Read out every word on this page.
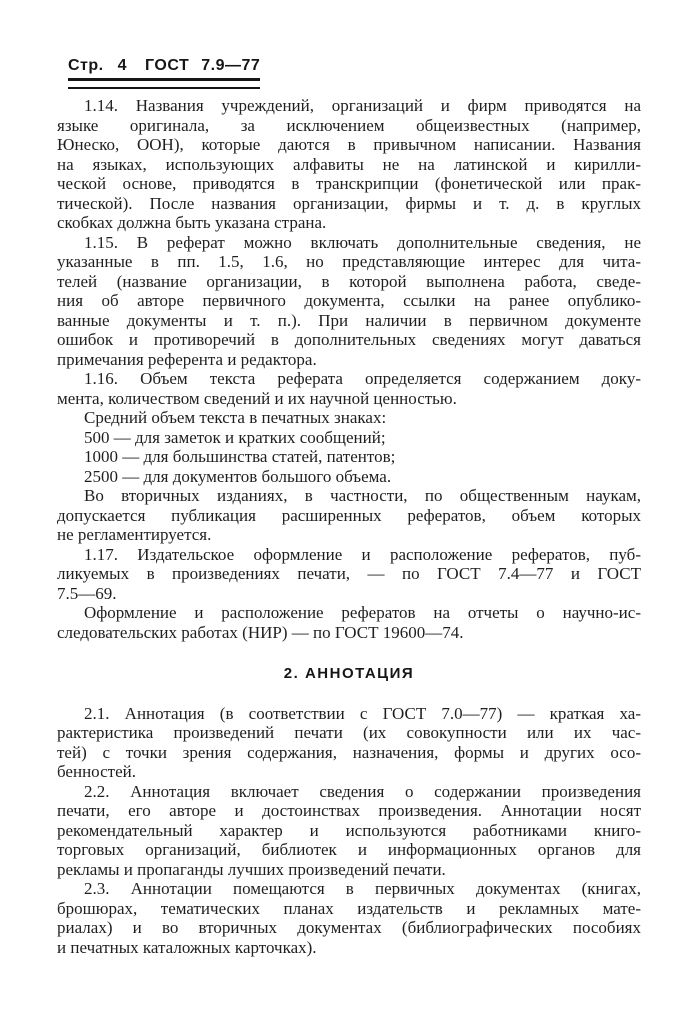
Стр. 4 ГОСТ 7.9—77
1.14. Названия учреждений, организаций и фирм приводятся на
языке оригинала, за исключением общеизвестных (например,
Юнеско, ООН), которые даются в привычном написании. Названия
на языках, использующих алфавиты не на латинской и кирилли-
ческой основе, приводятся в транскрипции (фонетической или прак-
тической). После названия организации, фирмы и т. д. в круглых
скобках должна быть указана страна.
1.15. В реферат можно включать дополнительные сведения, не
указанные в пп. 1.5, 1.6, но представляющие интерес для чита-
телей (название организации, в которой выполнена работа, сведе-
ния об авторе первичного документа, ссылки на ранее опублико-
ванные документы и т. п.). При наличии в первичном документе
ошибок и противоречий в дополнительных сведениях могут даваться
примечания референта и редактора.
1.16. Объем текста реферата определяется содержанием доку-
мента, количеством сведений и их научной ценностью.
Средний объем текста в печатных знаках:
500 — для заметок и кратких сообщений;
1000 — для большинства статей, патентов;
2500 — для документов большого объема.
Во вторичных изданиях, в частности, по общественным наукам,
допускается публикация расширенных рефератов, объем которых
не регламентируется.
1.17. Издательское оформление и расположение рефератов, пуб-
ликуемых в произведениях печати, — по ГОСТ 7.4—77 и ГОСТ
7.5—69.
Оформление и расположение рефератов на отчеты о научно-ис-
следовательских работах (НИР) — по ГОСТ 19600—74.
2. АННОТАЦИЯ
2.1. Аннотация (в соответствии с ГОСТ 7.0—77) — краткая ха-
рактеристика произведений печати (их совокупности или их час-
тей) с точки зрения содержания, назначения, формы и других осо-
бенностей.
2.2. Аннотация включает сведения о содержании произведения
печати, его авторе и достоинствах произведения. Аннотации носят
рекомендательный характер и используются работниками книго-
торговых организаций, библиотек и информационных органов для
рекламы и пропаганды лучших произведений печати.
2.3. Аннотации помещаются в первичных документах (книгах,
брошюрах, тематических планах издательств и рекламных мате-
риалах) и во вторичных документах (библиографических пособиях
и печатных каталожных карточках).
